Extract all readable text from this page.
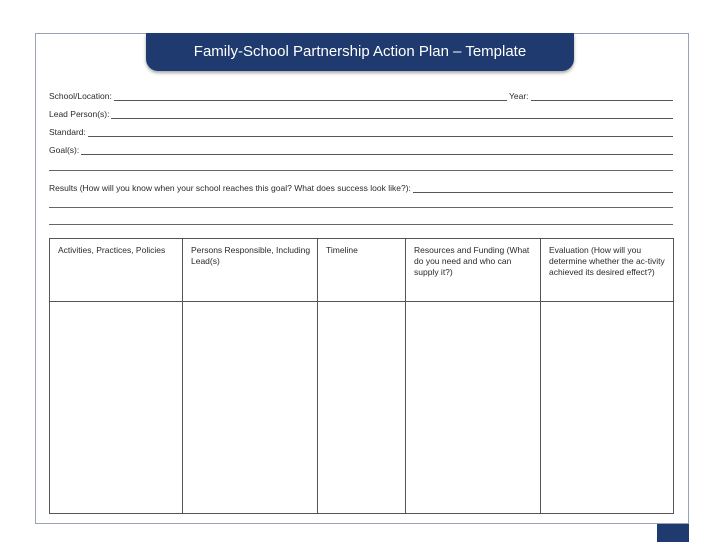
Family-School Partnership Action Plan – Template
School/Location:	Year:
Lead Person(s):
Standard:
Goal(s):
Results (How will you know when your school reaches this goal? What does success look like?):
Activities, Practices, Policies	Persons Responsible, Including Lead(s)	Timeline	Resources and Funding (What do you need and who can supply it?)	Evaluation (How will you determine whether the ac-tivity achieved its desired effect?)
